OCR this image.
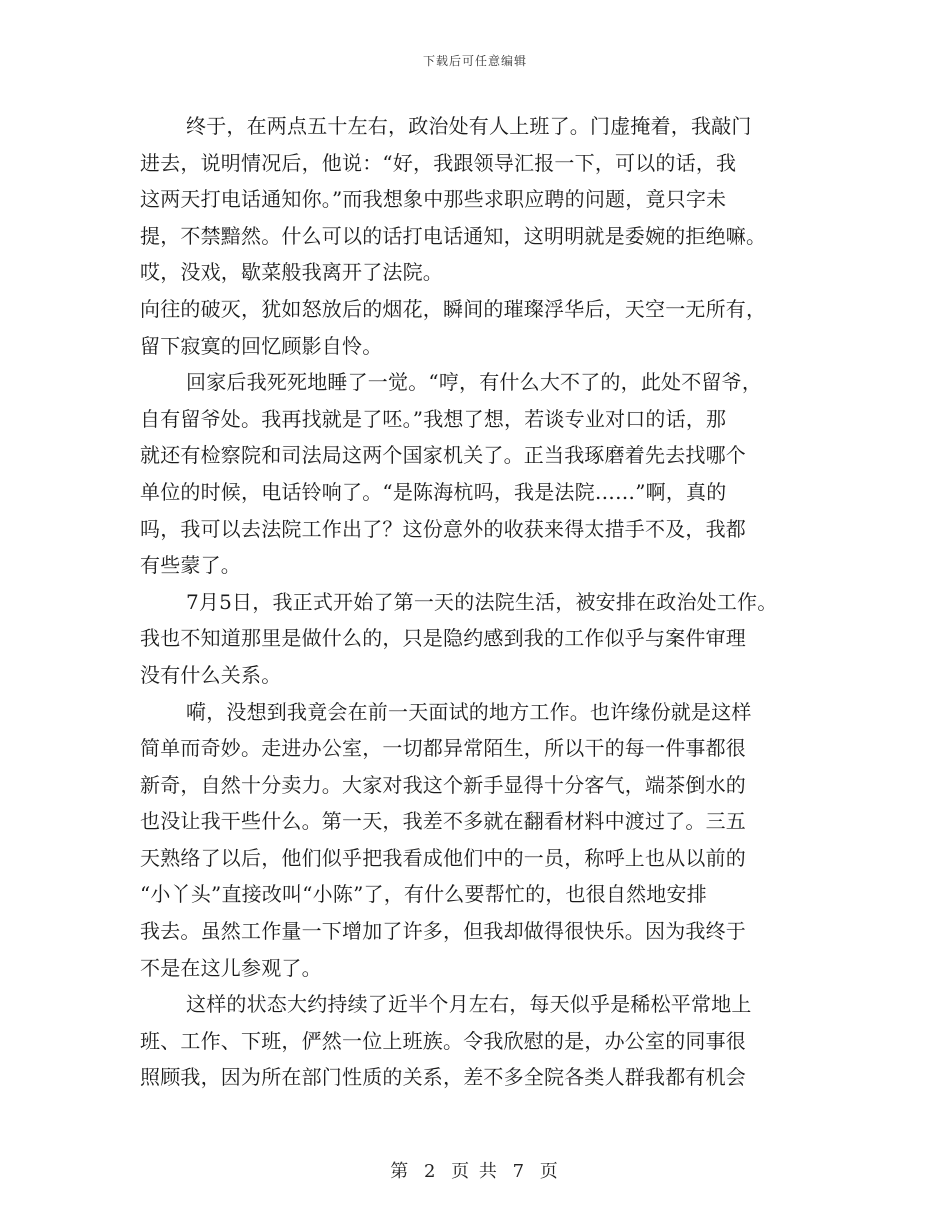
下载后可任意编辑
终于，在两点五十左右，政治处有人上班了。门虚掩着，我敲门
进去，说明情况后，他说：“好，我跟领导汇报一下，可以的话，我
这两天打电话通知你。”而我想象中那些求职应聘的问题，竟只字未
提，不禁黯然。什么可以的话打电话通知，这明明就是委婉的拒绝嘛。
哎，没戏，歇菜般我离开了法院。
向往的破灭，犹如怒放后的烟花，瞬间的璀璨浮华后，天空一无所有，
留下寂寞的回忆顾影自怜。
回家后我死死地睡了一觉。“哼，有什么大不了的，此处不留爷，
自有留爷处。我再找就是了呸。”我想了想，若谈专业对口的话，那
就还有检察院和司法局这两个国家机关了。正当我琢磨着先去找哪个
单位的时候，电话铃响了。“是陈海杭吗，我是法院……”啊，真的
吗，我可以去法院工作出了？这份意外的收获来得太措手不及，我都
有些蒙了。
7月5日，我正式开始了第一天的法院生活，被安排在政治处工作。
我也不知道那里是做什么的，只是隐约感到我的工作似乎与案件审理
没有什么关系。
嗬，没想到我竟会在前一天面试的地方工作。也许缘份就是这样
简单而奇妙。走进办公室，一切都异常陌生，所以干的每一件事都很
新奇，自然十分卖力。大家对我这个新手显得十分客气，端茶倒水的
也没让我干些什么。第一天，我差不多就在翻看材料中渡过了。三五
天熟络了以后，他们似乎把我看成他们中的一员，称呼上也从以前的
“小丫头”直接改叫“小陈”了，有什么要帮忙的，也很自然地安排
我去。虽然工作量一下增加了许多，但我却做得很快乐。因为我终于
不是在这儿参观了。
这样的状态大约持续了近半个月左右，每天似乎是稀松平常地上
班、工作、下班，俨然一位上班族。令我欣慰的是，办公室的同事很
照顾我，因为所在部门性质的关系，差不多全院各类人群我都有机会
第 2 页 共 7 页
